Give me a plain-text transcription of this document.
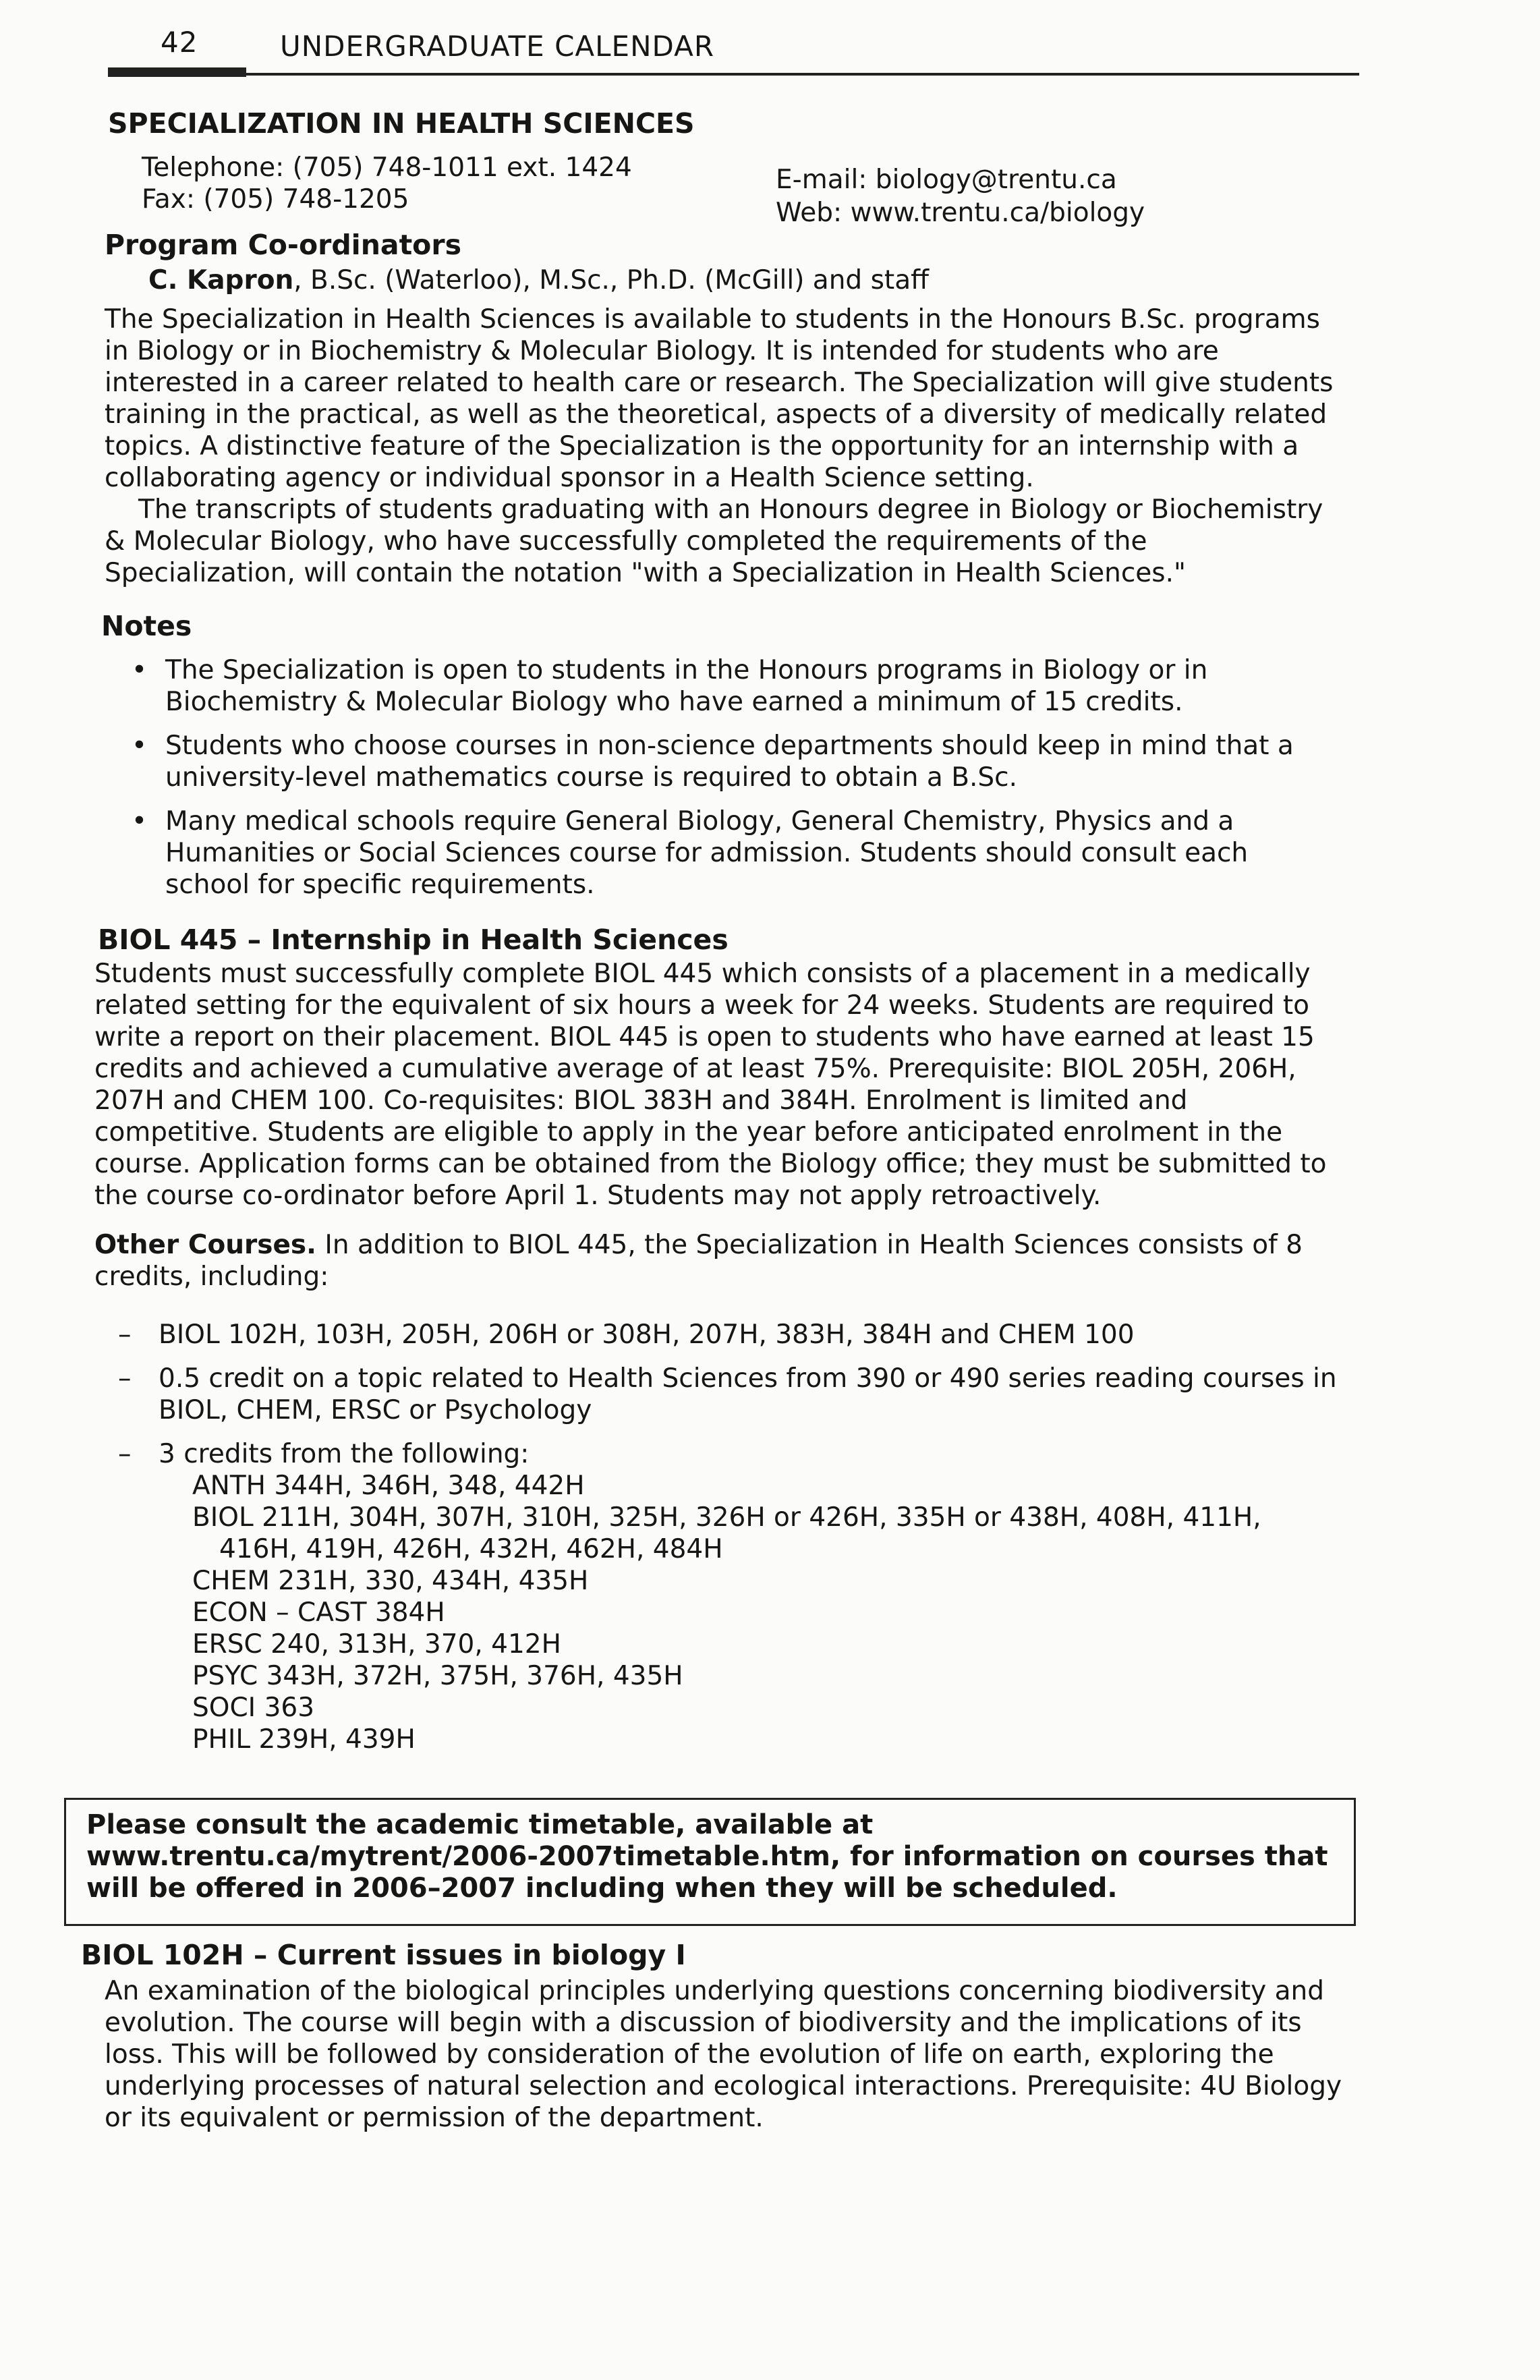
42	UNDERGRADUATE CALENDAR
SPECIALIZATION IN HEALTH SCIENCES
Telephone: (705) 748-1011 ext. 1424
Fax: (705) 748-1205
E-mail: biology@trentu.ca
Web: www.trentu.ca/biology
Program Co-ordinators
C. Kapron, B.Sc. (Waterloo), M.Sc., Ph.D. (McGill) and staff

The Specialization in Health Sciences is available to students in the Honours B.Sc. programs in Biology or in Biochemistry & Molecular Biology. It is intended for students who are interested in a career related to health care or research. The Specialization will give students training in the practical, as well as the theoretical, aspects of a diversity of medically related topics. A distinctive feature of the Specialization is the opportunity for an internship with a collaborating agency or individual sponsor in a Health Science setting.

The transcripts of students graduating with an Honours degree in Biology or Biochemistry & Molecular Biology, who have successfully completed the requirements of the Specialization, will contain the notation "with a Specialization in Health Sciences."

Notes
• The Specialization is open to students in the Honours programs in Biology or in Biochemistry & Molecular Biology who have earned a minimum of 15 credits.
• Students who choose courses in non-science departments should keep in mind that a university-level mathematics course is required to obtain a B.Sc.
• Many medical schools require General Biology, General Chemistry, Physics and a Humanities or Social Sciences course for admission. Students should consult each school for specific requirements.
BIOL 445 – Internship in Health Sciences
Students must successfully complete BIOL 445 which consists of a placement in a medically related setting for the equivalent of six hours a week for 24 weeks. Students are required to write a report on their placement. BIOL 445 is open to students who have earned at least 15 credits and achieved a cumulative average of at least 75%. Prerequisite: BIOL 205H, 206H, 207H and CHEM 100. Co-requisites: BIOL 383H and 384H. Enrolment is limited and competitive. Students are eligible to apply in the year before anticipated enrolment in the course. Application forms can be obtained from the Biology office; they must be submitted to the course co-ordinator before April 1. Students may not apply retroactively.
Other Courses. In addition to BIOL 445, the Specialization in Health Sciences consists of 8 credits, including:
– BIOL 102H, 103H, 205H, 206H or 308H, 207H, 383H, 384H and CHEM 100
– 0.5 credit on a topic related to Health Sciences from 390 or 490 series reading courses in BIOL, CHEM, ERSC or Psychology
– 3 credits from the following:
ANTH 344H, 346H, 348, 442H
BIOL 211H, 304H, 307H, 310H, 325H, 326H or 426H, 335H or 438H, 408H, 411H, 416H, 419H, 426H, 432H, 462H, 484H
CHEM 231H, 330, 434H, 435H
ECON – CAST 384H
ERSC 240, 313H, 370, 412H
PSYC 343H, 372H, 375H, 376H, 435H
SOCI 363
PHIL 239H, 439H
Please consult the academic timetable, available at www.trentu.ca/mytrent/2006-2007timetable.htm, for information on courses that will be offered in 2006–2007 including when they will be scheduled.
BIOL 102H – Current issues in biology I
An examination of the biological principles underlying questions concerning biodiversity and evolution. The course will begin with a discussion of biodiversity and the implications of its loss. This will be followed by consideration of the evolution of life on earth, exploring the underlying processes of natural selection and ecological interactions. Prerequisite: 4U Biology or its equivalent or permission of the department.
